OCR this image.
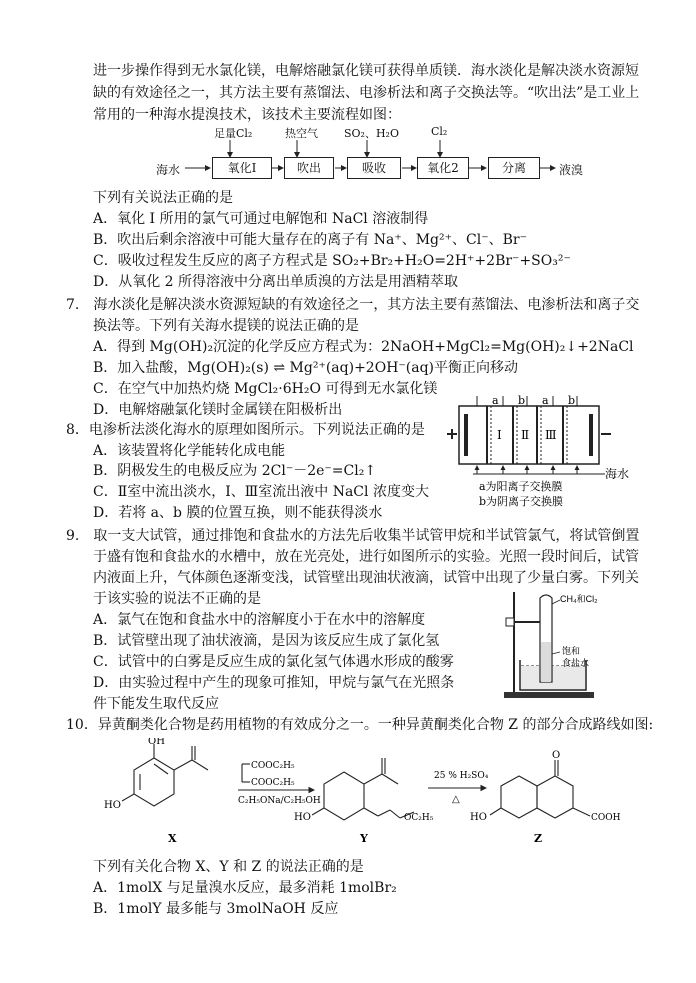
进一步操作得到无水氯化镁，电解熔融氯化镁可获得单质镁．海水淡化是解决淡水资源短
缺的有效途径之一，其方法主要有蒸馏法、电渗析法和离子交换法等。“吹出法”是工业上
常用的一种海水提溴技术，该技术主要流程如图：
足量Cl₂	热空气 SO₂、H₂O	Cl₂
海水	氧化Ⅰ	吹出	吸收	氧化2	分离	液溴
下列有关说法正确的是
A．氧化 Ⅰ 所用的氯气可通过电解饱和 NaCl 溶液制得
B．吹出后剩余溶液中可能大量存在的离子有 Na⁺、Mg²⁺、Cl⁻、Br⁻
C．吸收过程发生反应的离子方程式是 SO₂+Br₂+H₂O=2H⁺+2Br⁻+SO₃²⁻
D．从氧化 2 所得溶液中分离出单质溴的方法是用酒精萃取
7.　海水淡化是解决淡水资源短缺的有效途径之一，其方法主要有蒸馏法、电渗析法和离子交
换法等。下列有关海水提镁的说法正确的是
A．得到 Mg(OH)₂沉淀的化学反应方程式为：2NaOH+MgCl₂=Mg(OH)₂↓+2NaCl
B．加入盐酸，Mg(OH)₂(s) ⇌ Mg²⁺(aq)+2OH⁻(aq)平衡正向移动
C．在空气中加热灼烧 MgCl₂·6H₂O 可得到无水氯化镁
D．电解熔融氯化镁时金属镁在阳极析出
8．电渗析法淡化海水的原理如图所示。下列说法正确的是
A．该装置将化学能转化成电能
B．阴极发生的电极反应为 2Cl⁻－2e⁻=Cl₂↑
C．Ⅱ室中流出淡水，Ⅰ、Ⅲ室流出液中 NaCl 浓度变大
D．若将 a、b 膜的位置互换，则不能获得淡水
a b a b
Ⅰ Ⅱ Ⅲ
海水
a为阳离子交换膜
b为阴离子交换膜
9.　取一支大试管，通过排饱和食盐水的方法先后收集半试管甲烷和半试管氯气，将试管倒置
于盛有饱和食盐水的水槽中，放在光亮处，进行如图所示的实验。光照一段时间后，试管
内液面上升，气体颜色逐渐变浅，试管壁出现油状液滴，试管中出现了少量白雾。下列关
于该实验的说法不正确的是
A．氯气在饱和食盐水中的溶解度小于在水中的溶解度
B．试管壁出现了油状液滴，是因为该反应生成了氯化氢
C．试管中的白雾是反应生成的氯化氢气体遇水形成的酸雾
D．由实验过程中产生的现象可推知，甲烷与氯气在光照条
件下能发生取代反应
CH₄和Cl₂
饱和
食盐水
10．异黄酮类化合物是药用植物的有效成分之一。一种异黄酮类化合物 Z 的部分合成路线如图:
OH
HO
COOC₂H₅
COOC₂H₅
C₂H₅ONa/C₂H₅OH
HO	OC₂H₅
25 % H₂SO₄
△
O
HO	COOH
X	Y	Z
下列有关化合物 X、Y 和 Z 的说法正确的是
A．1molX 与足量溴水反应，最多消耗 1molBr₂
B．1molY 最多能与 3molNaOH 反应
